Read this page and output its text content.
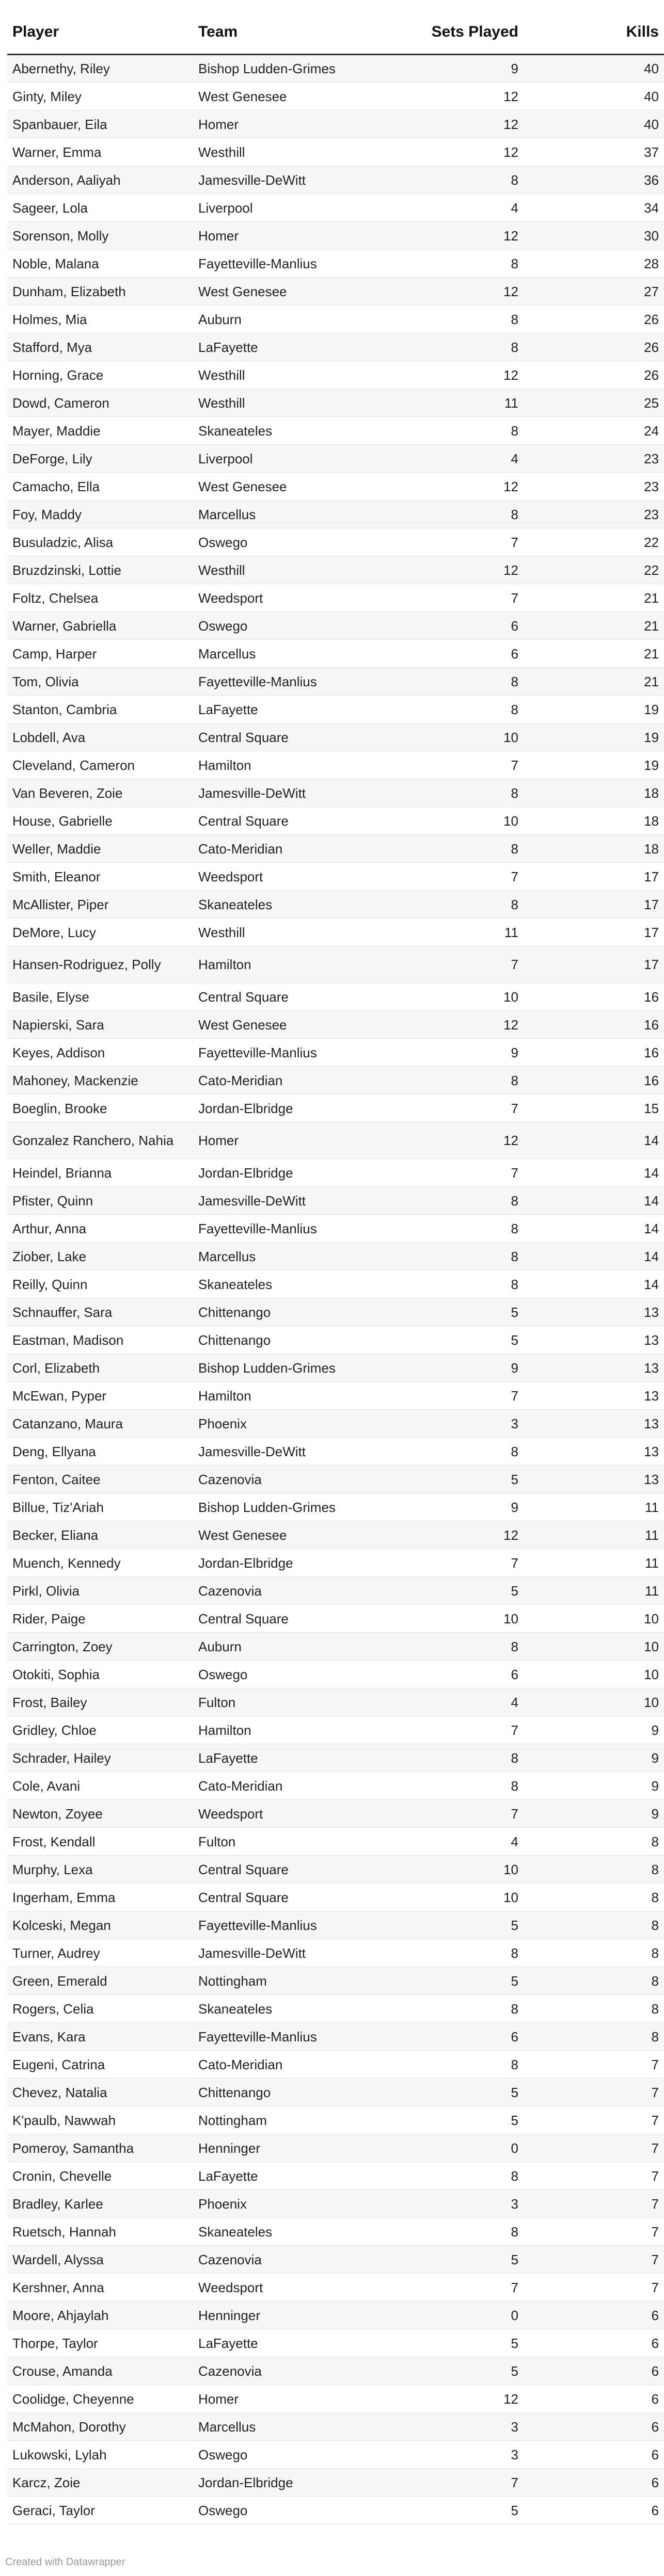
Player	Team	Sets Played	Kills
Abernethy, Riley	Bishop Ludden-Grimes	9	40
Ginty, Miley	West Genesee	12	40
Spanbauer, Eila	Homer	12	40
Warner, Emma	Westhill	12	37
Anderson, Aaliyah	Jamesville-DeWitt	8	36
Sageer, Lola	Liverpool	4	34
Sorenson, Molly	Homer	12	30
Noble, Malana	Fayetteville-Manlius	8	28
Dunham, Elizabeth	West Genesee	12	27
Holmes, Mia	Auburn	8	26
Stafford, Mya	LaFayette	8	26
Horning, Grace	Westhill	12	26
Dowd, Cameron	Westhill	11	25
Mayer, Maddie	Skaneateles	8	24
DeForge, Lily	Liverpool	4	23
Camacho, Ella	West Genesee	12	23
Foy, Maddy	Marcellus	8	23
Busuladzic, Alisa	Oswego	7	22
Bruzdzinski, Lottie	Westhill	12	22
Foltz, Chelsea	Weedsport	7	21
Warner, Gabriella	Oswego	6	21
Camp, Harper	Marcellus	6	21
Tom, Olivia	Fayetteville-Manlius	8	21
Stanton, Cambria	LaFayette	8	19
Lobdell, Ava	Central Square	10	19
Cleveland, Cameron	Hamilton	7	19
Van Beveren, Zoie	Jamesville-DeWitt	8	18
House, Gabrielle	Central Square	10	18
Weller, Maddie	Cato-Meridian	8	18
Smith, Eleanor	Weedsport	7	17
McAllister, Piper	Skaneateles	8	17
DeMore, Lucy	Westhill	11	17
Hansen-Rodriguez, Polly	Hamilton	7	17
Basile, Elyse	Central Square	10	16
Napierski, Sara	West Genesee	12	16
Keyes, Addison	Fayetteville-Manlius	9	16
Mahoney, Mackenzie	Cato-Meridian	8	16
Boeglin, Brooke	Jordan-Elbridge	7	15
Gonzalez Ranchero, Nahia	Homer	12	14
Heindel, Brianna	Jordan-Elbridge	7	14
Pfister, Quinn	Jamesville-DeWitt	8	14
Arthur, Anna	Fayetteville-Manlius	8	14
Ziober, Lake	Marcellus	8	14
Reilly, Quinn	Skaneateles	8	14
Schnauffer, Sara	Chittenango	5	13
Eastman, Madison	Chittenango	5	13
Corl, Elizabeth	Bishop Ludden-Grimes	9	13
McEwan, Pyper	Hamilton	7	13
Catanzano, Maura	Phoenix	3	13
Deng, Ellyana	Jamesville-DeWitt	8	13
Fenton, Caitee	Cazenovia	5	13
Billue, Tiz'Ariah	Bishop Ludden-Grimes	9	11
Becker, Eliana	West Genesee	12	11
Muench, Kennedy	Jordan-Elbridge	7	11
Pirkl, Olivia	Cazenovia	5	11
Rider, Paige	Central Square	10	10
Carrington, Zoey	Auburn	8	10
Otokiti, Sophia	Oswego	6	10
Frost, Bailey	Fulton	4	10
Gridley, Chloe	Hamilton	7	9
Schrader, Hailey	LaFayette	8	9
Cole, Avani	Cato-Meridian	8	9
Newton, Zoyee	Weedsport	7	9
Frost, Kendall	Fulton	4	8
Murphy, Lexa	Central Square	10	8
Ingerham, Emma	Central Square	10	8
Kolceski, Megan	Fayetteville-Manlius	5	8
Turner, Audrey	Jamesville-DeWitt	8	8
Green, Emerald	Nottingham	5	8
Rogers, Celia	Skaneateles	8	8
Evans, Kara	Fayetteville-Manlius	6	8
Eugeni, Catrina	Cato-Meridian	8	7
Chevez, Natalia	Chittenango	5	7
K'paulb, Nawwah	Nottingham	5	7
Pomeroy, Samantha	Henninger	0	7
Cronin, Chevelle	LaFayette	8	7
Bradley, Karlee	Phoenix	3	7
Ruetsch, Hannah	Skaneateles	8	7
Wardell, Alyssa	Cazenovia	5	7
Kershner, Anna	Weedsport	7	7
Moore, Ahjaylah	Henninger	0	6
Thorpe, Taylor	LaFayette	5	6
Crouse, Amanda	Cazenovia	5	6
Coolidge, Cheyenne	Homer	12	6
McMahon, Dorothy	Marcellus	3	6
Lukowski, Lylah	Oswego	3	6
Karcz, Zoie	Jordan-Elbridge	7	6
Geraci, Taylor	Oswego	5	6
Created with Datawrapper
